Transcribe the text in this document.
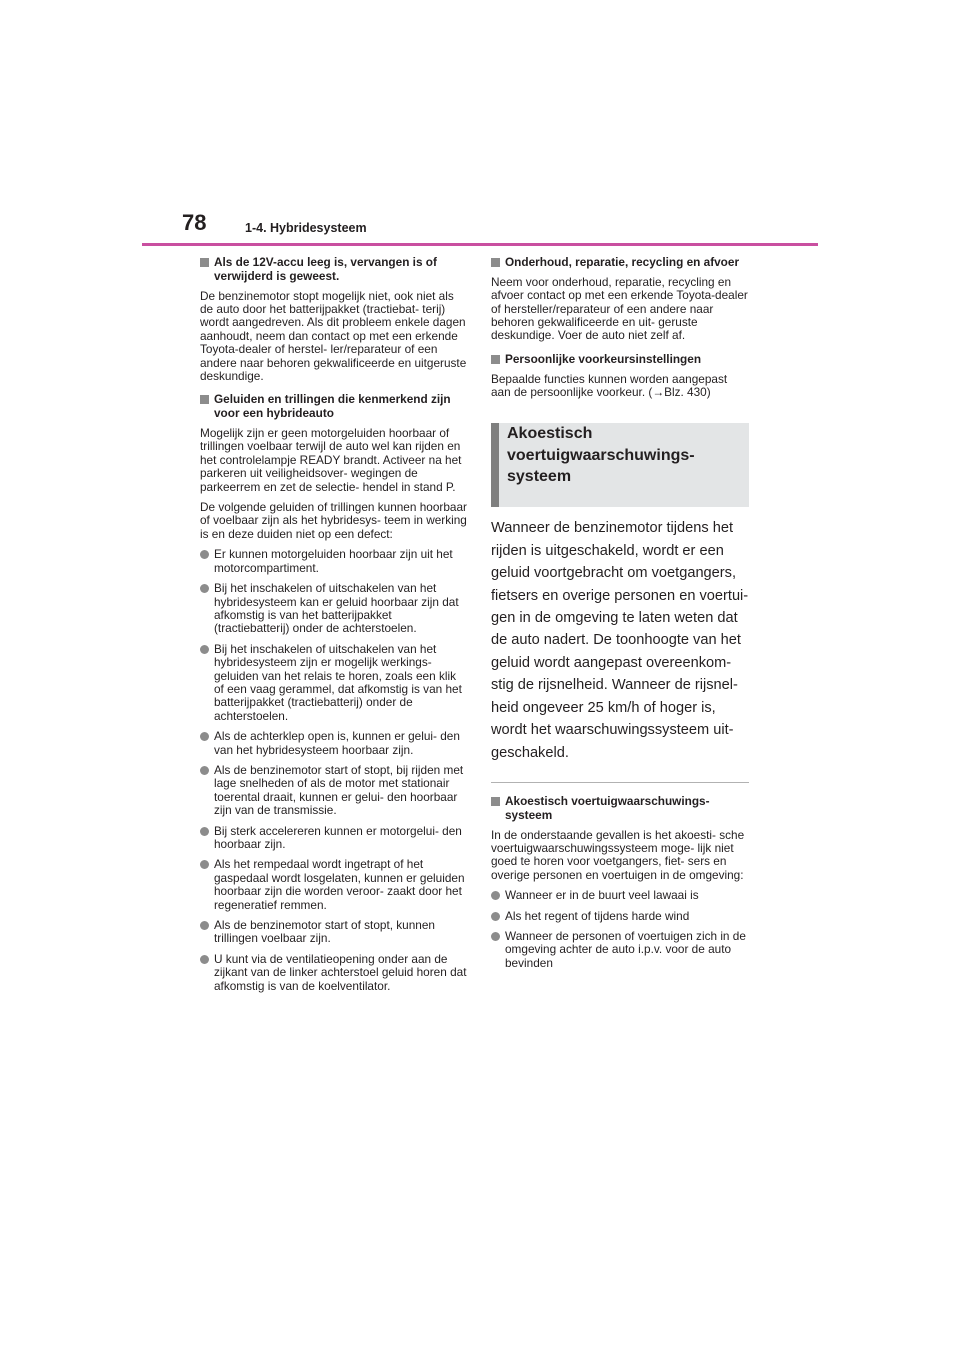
78	1-4. Hybridesysteem
Als de 12V-accu leeg is, vervangen is of verwijderd is geweest.
De benzinemotor stopt mogelijk niet, ook niet als de auto door het batterijpakket (tractiebat- terij) wordt aangedreven. Als dit probleem enkele dagen aanhoudt, neem dan contact op met een erkende Toyota-dealer of herstel- ler/reparateur of een andere naar behoren gekwalificeerde en uitgeruste deskundige.
Geluiden en trillingen die kenmerkend zijn voor een hybrideauto
Mogelijk zijn er geen motorgeluiden hoorbaar of trillingen voelbaar terwijl de auto wel kan rijden en het controlelampje READY brandt. Activeer na het parkeren uit veiligheidsover- wegingen de parkeerrem en zet de selectie- hendel in stand P.
De volgende geluiden of trillingen kunnen hoorbaar of voelbaar zijn als het hybridesys- teem in werking is en deze duiden niet op een defect:
Er kunnen motorgeluiden hoorbaar zijn uit het motorcompartiment.
Bij het inschakelen of uitschakelen van het hybridesysteem kan er geluid hoorbaar zijn dat afkomstig is van het batterijpakket (tractiebatterij) onder de achterstoelen.
Bij het inschakelen of uitschakelen van het hybridesysteem zijn er mogelijk werkings- geluiden van het relais te horen, zoals een klik of een vaag gerammel, dat afkomstig is van het batterijpakket (tractiebatterij) onder de achterstoelen.
Als de achterklep open is, kunnen er gelui- den van het hybridesysteem hoorbaar zijn.
Als de benzinemotor start of stopt, bij rijden met lage snelheden of als de motor met stationair toerental draait, kunnen er gelui- den hoorbaar zijn van de transmissie.
Bij sterk accelereren kunnen er motorgelui- den hoorbaar zijn.
Als het rempedaal wordt ingetrapt of het gaspedaal wordt losgelaten, kunnen er geluiden hoorbaar zijn die worden veroor- zaakt door het regeneratief remmen.
Als de benzinemotor start of stopt, kunnen trillingen voelbaar zijn.
U kunt via de ventilatieopening onder aan de zijkant van de linker achterstoel geluid horen dat afkomstig is van de koelventilator.
Onderhoud, reparatie, recycling en afvoer
Neem voor onderhoud, reparatie, recycling en afvoer contact op met een erkende Toyota-dealer of hersteller/reparateur of een andere naar behoren gekwalificeerde en uit- geruste deskundige. Voer de auto niet zelf af.
Persoonlijke voorkeursinstellingen
Bepaalde functies kunnen worden aangepast aan de persoonlijke voorkeur. (→Blz. 430)
Akoestisch
voertuigwaarschuwings-
systeem
Wanneer de benzinemotor tijdens het
rijden is uitgeschakeld, wordt er een
geluid voortgebracht om voetgangers,
fietsers en overige personen en voertui-
gen in de omgeving te laten weten dat
de auto nadert. De toonhoogte van het
geluid wordt aangepast overeenkom-
stig de rijsnelheid. Wanneer de rijsnel-
heid ongeveer 25 km/h of hoger is,
wordt het waarschuwingssysteem uit-
geschakeld.
Akoestisch voertuigwaarschuwings- systeem
In de onderstaande gevallen is het akoesti- sche voertuigwaarschuwingssysteem moge- lijk niet goed te horen voor voetgangers, fiet- sers en overige personen en voertuigen in de omgeving:
Wanneer er in de buurt veel lawaai is
Als het regent of tijdens harde wind
Wanneer de personen of voertuigen zich in de omgeving achter de auto i.p.v. voor de auto bevinden
